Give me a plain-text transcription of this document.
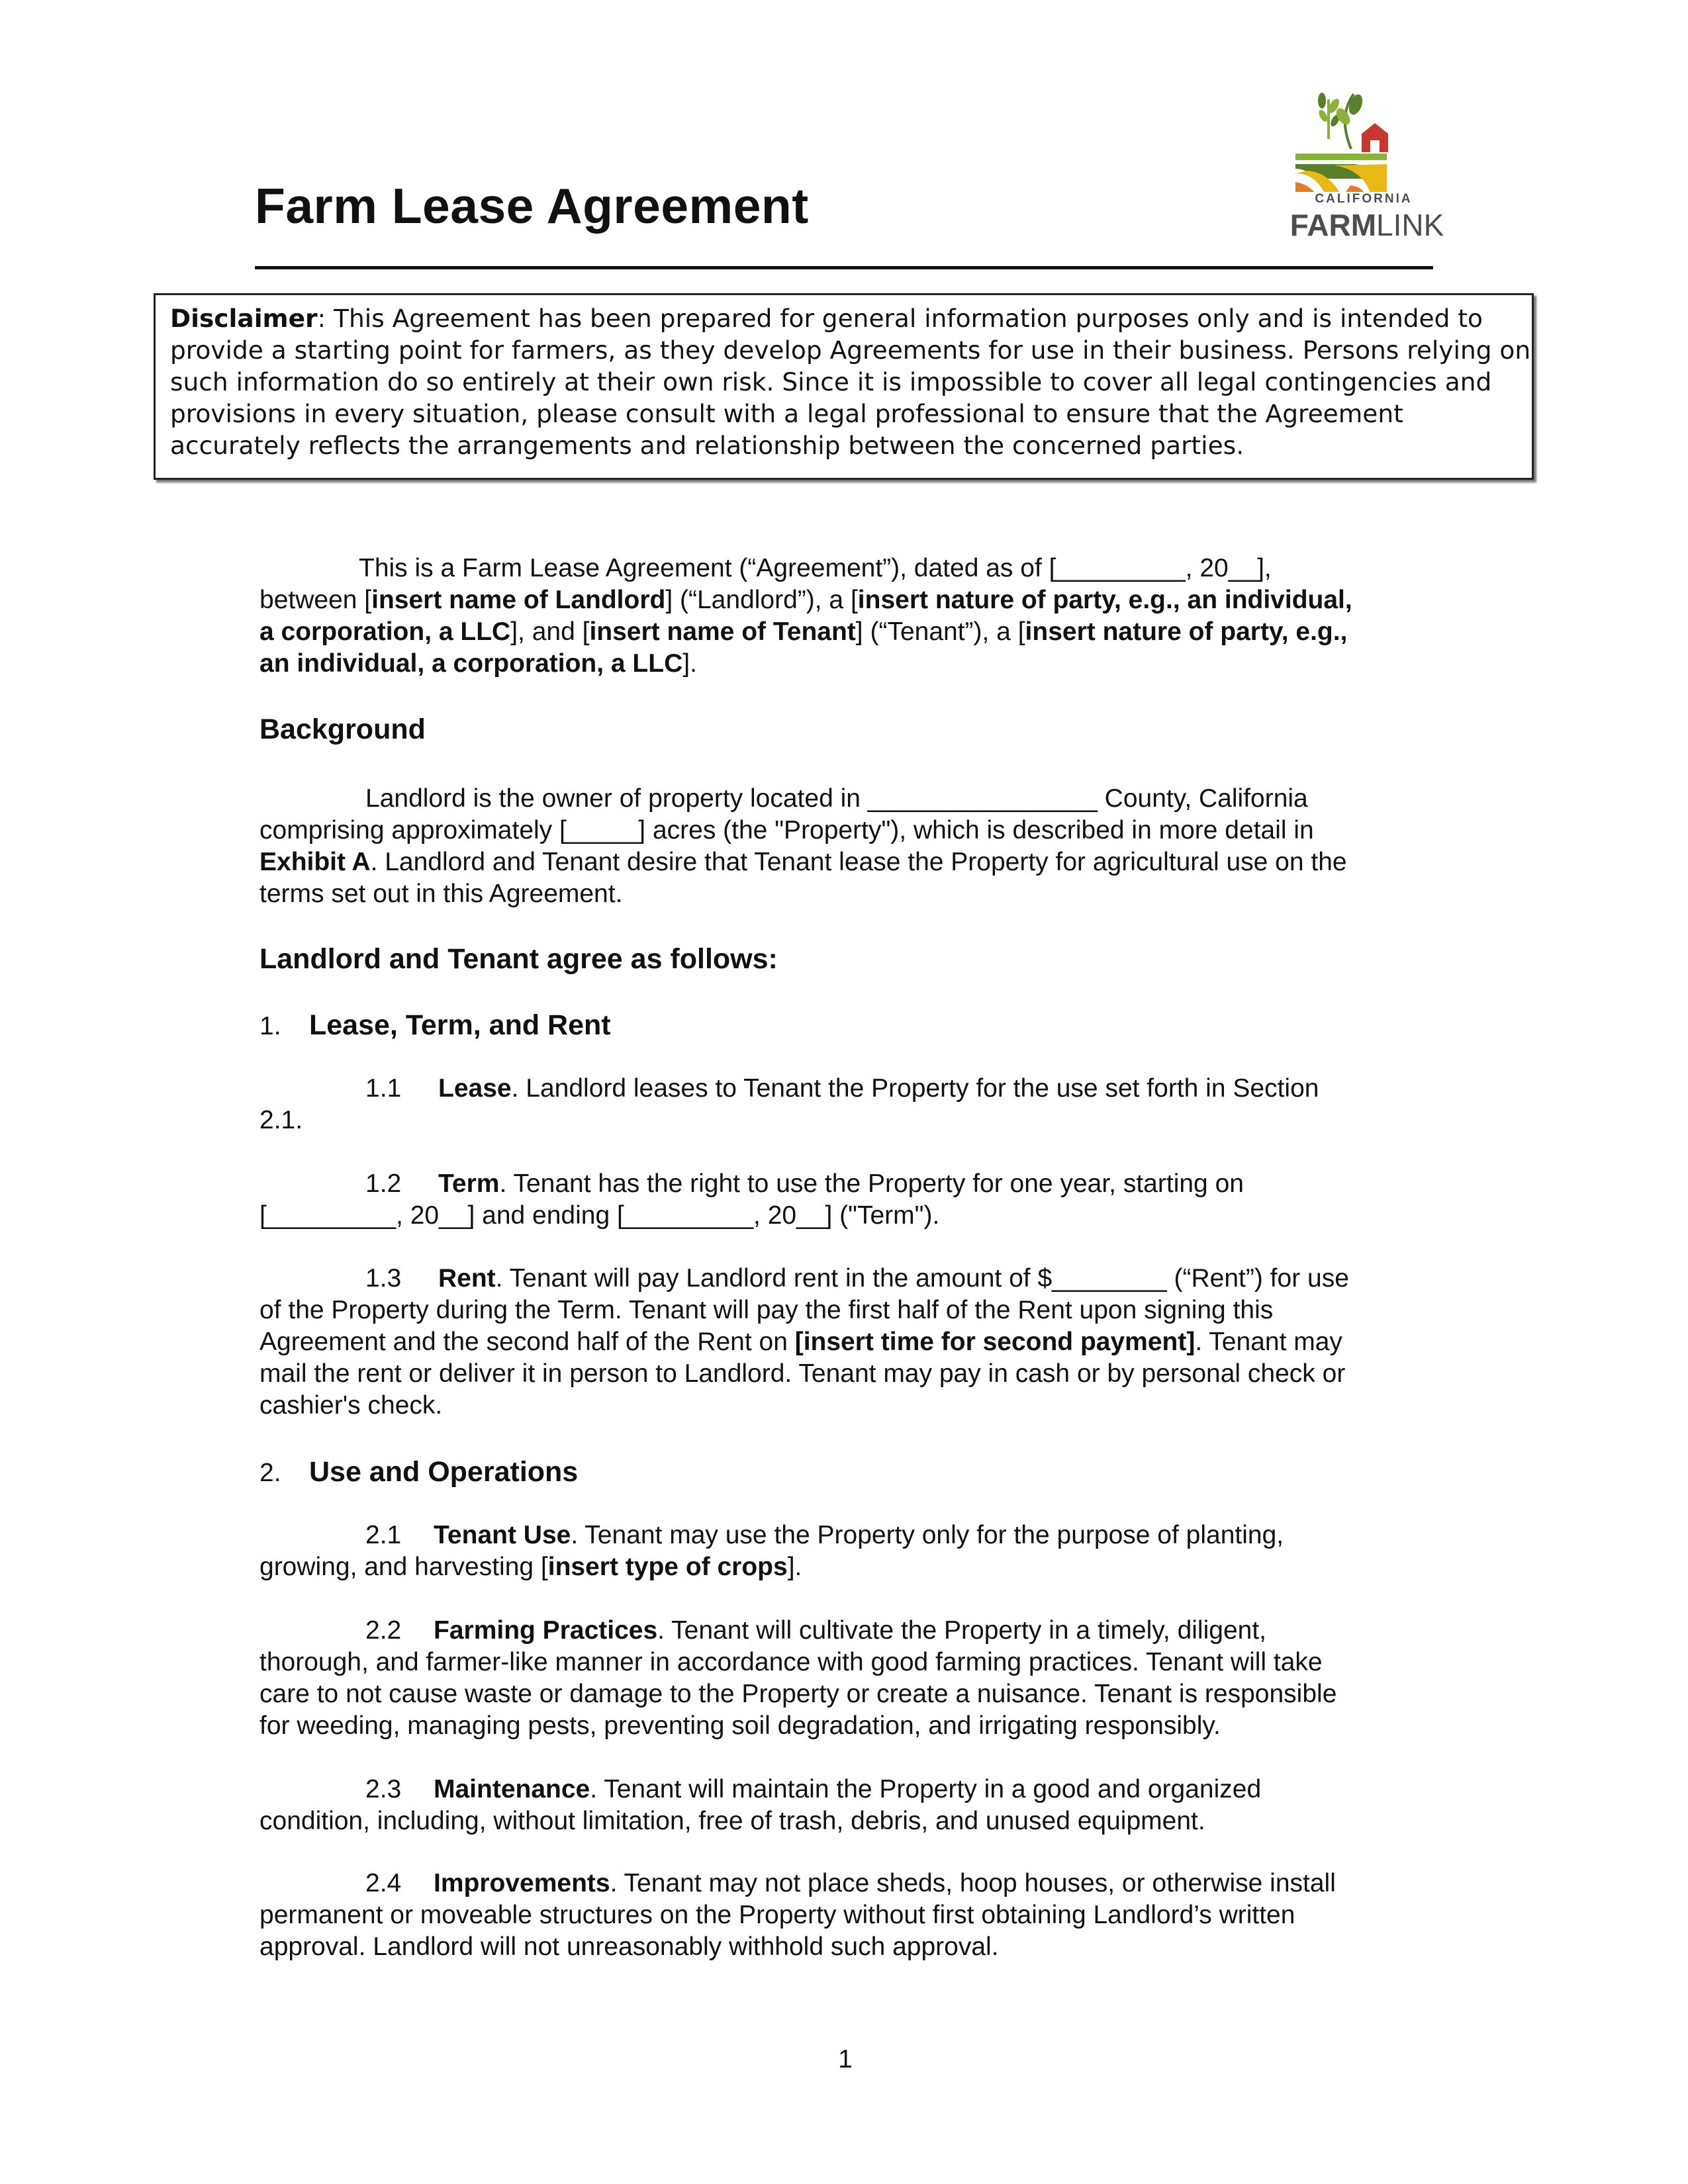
Farm Lease Agreement	CALIFORNIA
FARMLINK
Disclaimer: This Agreement has been prepared for general information purposes only and is intended to
provide a starting point for farmers, as they develop Agreements for use in their business. Persons relying on
such information do so entirely at their own risk. Since it is impossible to cover all legal contingencies and
provisions in every situation, please consult with a legal professional to ensure that the Agreement
accurately reflects the arrangements and relationship between the concerned parties.
This is a Farm Lease Agreement (“Agreement”), dated as of [_________, 20__],
between [insert name of Landlord] (“Landlord”), a [insert nature of party, e.g., an individual,
a corporation, a LLC], and [insert name of Tenant] (“Tenant”), a [insert nature of party, e.g.,
an individual, a corporation, a LLC].
Background
Landlord is the owner of property located in ________________ County, California
comprising approximately [_____] acres (the "Property"), which is described in more detail in
Exhibit A. Landlord and Tenant desire that Tenant lease the Property for agricultural use on the
terms set out in this Agreement.
Landlord and Tenant agree as follows:
1. Lease, Term, and Rent
1.1 Lease. Landlord leases to Tenant the Property for the use set forth in Section
2.1.
1.2 Term. Tenant has the right to use the Property for one year, starting on
[_________, 20__] and ending [_________, 20__] ("Term").
1.3 Rent. Tenant will pay Landlord rent in the amount of $________ (“Rent”) for use
of the Property during the Term. Tenant will pay the first half of the Rent upon signing this
Agreement and the second half of the Rent on [insert time for second payment]. Tenant may
mail the rent or deliver it in person to Landlord. Tenant may pay in cash or by personal check or
cashier's check.
2. Use and Operations
2.1 Tenant Use. Tenant may use the Property only for the purpose of planting,
growing, and harvesting [insert type of crops].
2.2 Farming Practices. Tenant will cultivate the Property in a timely, diligent,
thorough, and farmer-like manner in accordance with good farming practices. Tenant will take
care to not cause waste or damage to the Property or create a nuisance. Tenant is responsible
for weeding, managing pests, preventing soil degradation, and irrigating responsibly.
2.3 Maintenance. Tenant will maintain the Property in a good and organized
condition, including, without limitation, free of trash, debris, and unused equipment.
2.4 Improvements. Tenant may not place sheds, hoop houses, or otherwise install
permanent or moveable structures on the Property without first obtaining Landlord’s written
approval. Landlord will not unreasonably withhold such approval.
1
